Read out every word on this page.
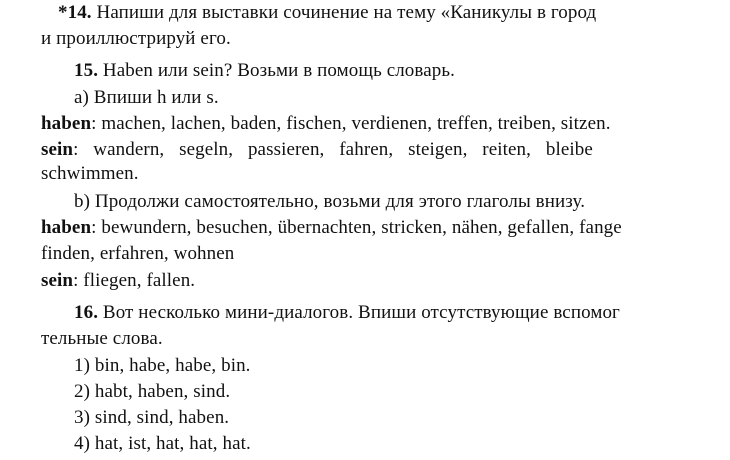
*14. Напиши для выставки сочинение на тему «Каникулы в город
и проиллюстрируй его.
15. Haben или sein? Возьми в помощь словарь.
а) Впиши h или s.
haben: machen, lachen, baden, fischen, verdienen, treffen, treiben, sitzen.
sein: wandern, segeln, passieren, fahren, steigen, reiten, bleibe
schwimmen.
b) Продолжи самостоятельно, возьми для этого глаголы внизу.
haben: bewundern, besuchen, übernachten, stricken, nähen, gefallen, fange
finden, erfahren, wohnen
sein: fliegen, fallen.
16. Вот несколько мини-диалогов. Впиши отсутствующие вспомог
тельные слова.
1) bin, habe, habe, bin.
2) habt, haben, sind.
3) sind, sind, haben.
4) hat, ist, hat, hat, hat.
